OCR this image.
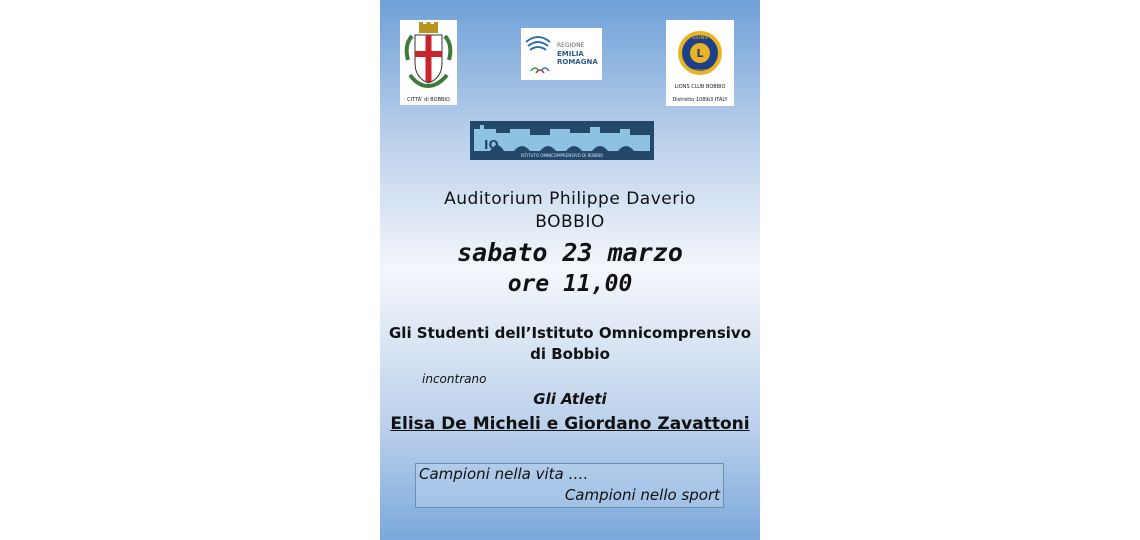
CITTA' di BOBBIO
REGIONE
EMILIA
ROMAGNA
L
LIONS
INTERNATIONAL
LIONS CLUB BOBBIO
Distretto 108Ib3 ITALY
IO
ISTITUTO OMNICOMPRENSIVO DI BOBBIO
Auditorium Philippe Daverio
BOBBIO
sabato 23 marzo
ore 11,00
Gli Studenti dell’Istituto Omnicomprensivo
di Bobbio
incontrano
Gli Atleti
Elisa De Micheli e Giordano Zavattoni
Campioni nella vita ….
Campioni nello sport
